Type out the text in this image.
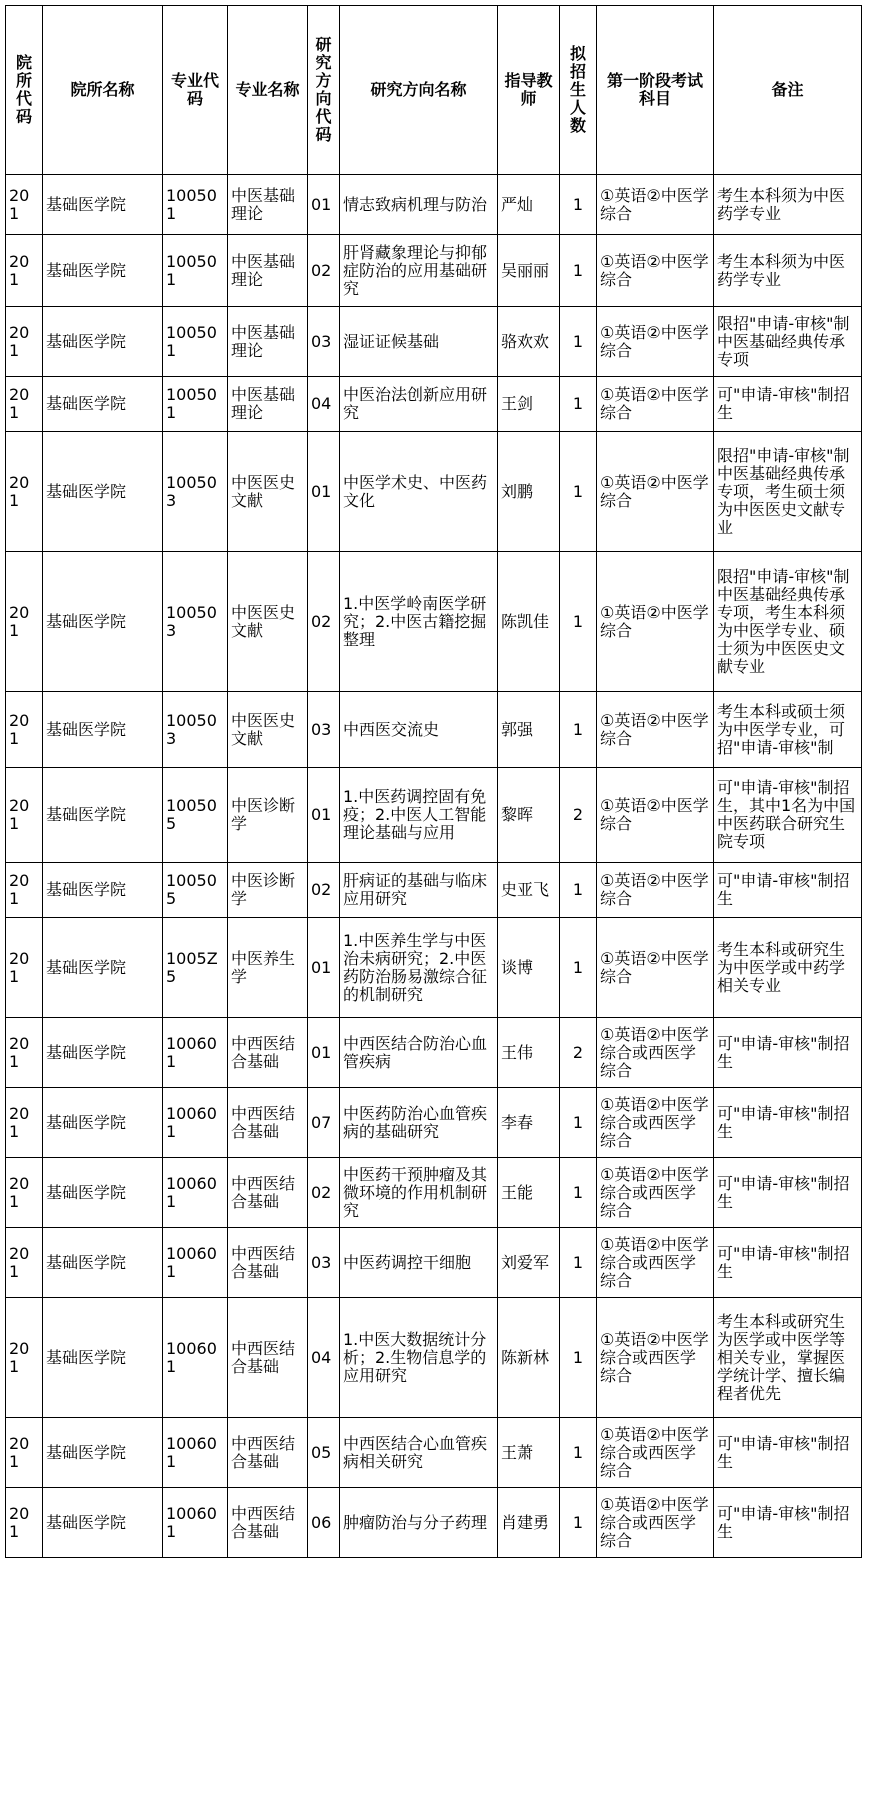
院所代码	院所名称	专业代码	专业名称	研究方向代码	研究方向名称	指导教师	拟招生人数	第一阶段考试科目	备注
201	基础医学院	100501	中医基础理论	01	情志致病机理与防治	严灿	1	①英语②中医学综合	考生本科须为中医药学专业
201	基础医学院	100501	中医基础理论	02	肝肾藏象理论与抑郁症防治的应用基础研究	吴丽丽	1	①英语②中医学综合	考生本科须为中医药学专业
201	基础医学院	100501	中医基础理论	03	湿证证候基础	骆欢欢	1	①英语②中医学综合	限招"申请-审核"制中医基础经典传承专项
201	基础医学院	100501	中医基础理论	04	中医治法创新应用研究	王剑	1	①英语②中医学综合	可"申请-审核"制招生
201	基础医学院	100503	中医医史文献	01	中医学术史、中医药文化	刘鹏	1	①英语②中医学综合	限招"申请-审核"制中医基础经典传承专项，考生硕士须为中医医史文献专业
201	基础医学院	100503	中医医史文献	02	1.中医学岭南医学研究；2.中医古籍挖掘整理	陈凯佳	1	①英语②中医学综合	限招"申请-审核"制中医基础经典传承专项，考生本科须为中医学专业、硕士须为中医医史文献专业
201	基础医学院	100503	中医医史文献	03	中西医交流史	郭强	1	①英语②中医学综合	考生本科或硕士须为中医学专业，可招"申请-审核"制
201	基础医学院	100505	中医诊断学	01	1.中医药调控固有免疫；2.中医人工智能理论基础与应用	黎晖	2	①英语②中医学综合	可"申请-审核"制招生，其中1名为中国中医药联合研究生院专项
201	基础医学院	100505	中医诊断学	02	肝病证的基础与临床应用研究	史亚飞	1	①英语②中医学综合	可"申请-审核"制招生
201	基础医学院	1005Z5	中医养生学	01	1.中医养生学与中医治未病研究；2.中医药防治肠易激综合征的机制研究	谈博	1	①英语②中医学综合	考生本科或研究生为中医学或中药学相关专业
201	基础医学院	100601	中西医结合基础	01	中西医结合防治心血管疾病	王伟	2	①英语②中医学综合或西医学综合	可"申请-审核"制招生
201	基础医学院	100601	中西医结合基础	07	中医药防治心血管疾病的基础研究	李春	1	①英语②中医学综合或西医学综合	可"申请-审核"制招生
201	基础医学院	100601	中西医结合基础	02	中医药干预肿瘤及其微环境的作用机制研究	王能	1	①英语②中医学综合或西医学综合	可"申请-审核"制招生
201	基础医学院	100601	中西医结合基础	03	中医药调控干细胞	刘爱军	1	①英语②中医学综合或西医学综合	可"申请-审核"制招生
201	基础医学院	100601	中西医结合基础	04	1.中医大数据统计分析；2.生物信息学的应用研究	陈新林	1	①英语②中医学综合或西医学综合	考生本科或研究生为医学或中医学等相关专业，掌握医学统计学、擅长编程者优先
201	基础医学院	100601	中西医结合基础	05	中西医结合心血管疾病相关研究	王萧	1	①英语②中医学综合或西医学综合	可"申请-审核"制招生
201	基础医学院	100601	中西医结合基础	06	肿瘤防治与分子药理	肖建勇	1	①英语②中医学综合或西医学综合	可"申请-审核"制招生
